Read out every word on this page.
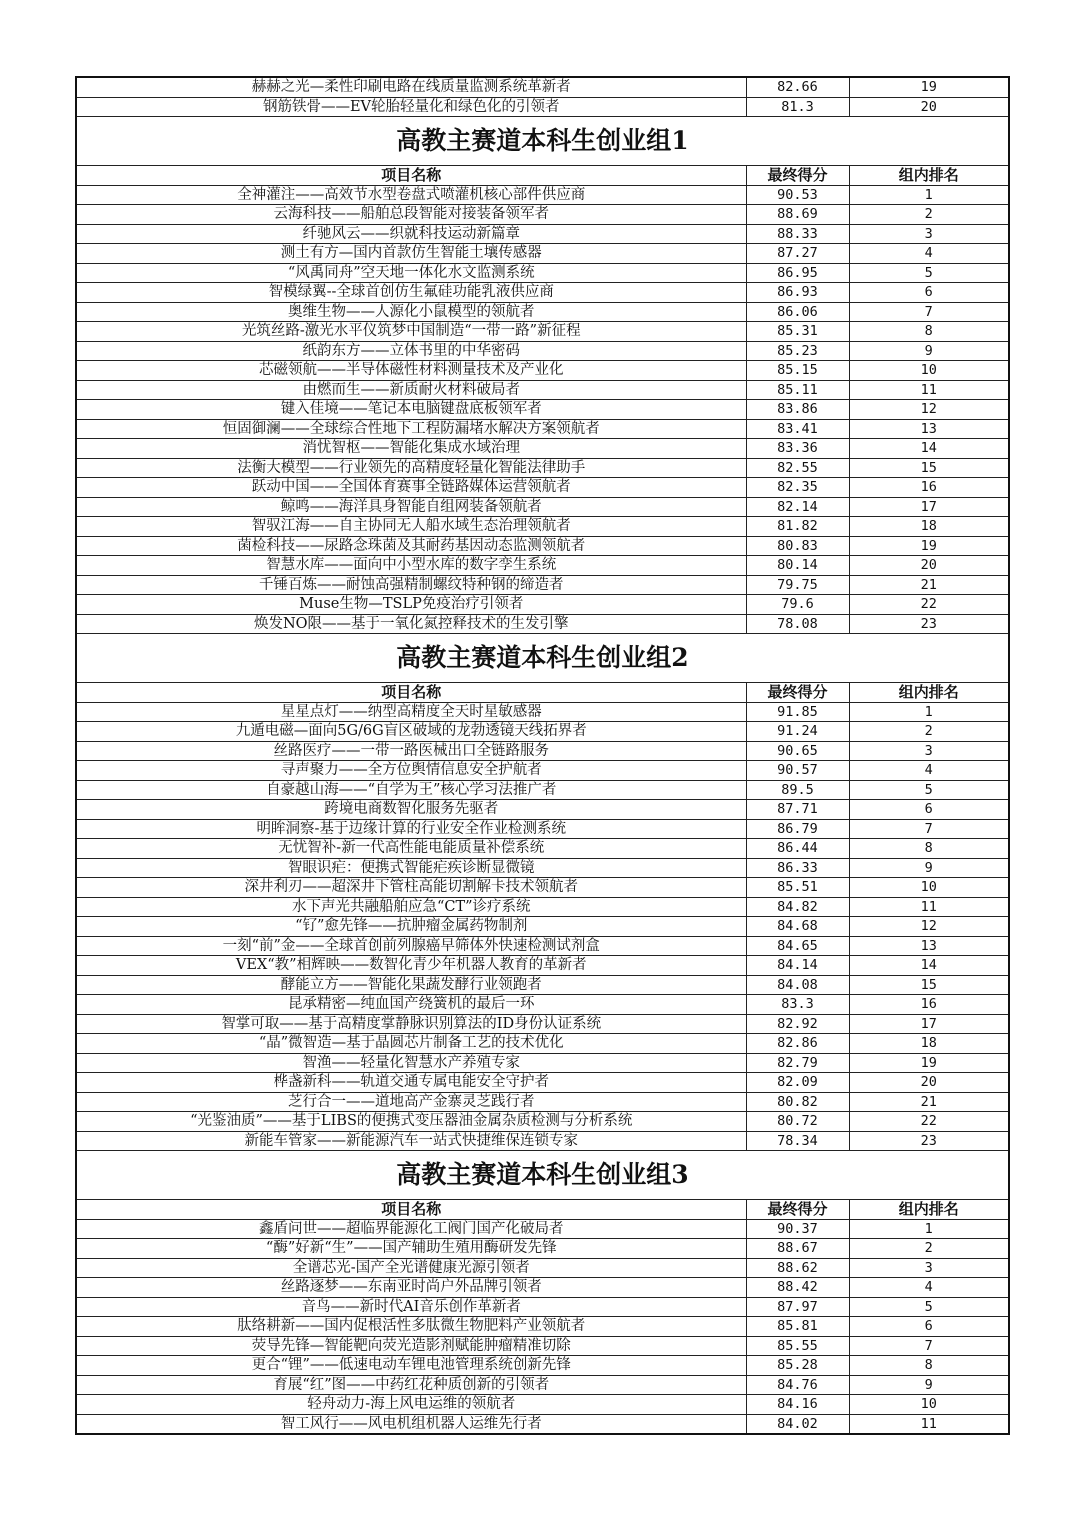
赫赫之光—柔性印刷电路在线质量监测系统革新者	82.66	19
钢筋铁骨——EV轮胎轻量化和绿色化的引领者	81.3	20
高教主赛道本科生创业组1		
项目名称	最终得分	组内排名
全神灌注——高效节水型卷盘式喷灌机核心部件供应商	90.53	1
云海科技——船舶总段智能对接装备领军者	88.69	2
纤驰风云——织就科技运动新篇章	88.33	3
测土有方—国内首款仿生智能土壤传感器	87.27	4
“风禹同舟”空天地一体化水文监测系统	86.95	5
智模绿翼--全球首创仿生氟硅功能乳液供应商	86.93	6
奥维生物——人源化小鼠模型的领航者	86.06	7
光筑丝路-激光水平仪筑梦中国制造“一带一路”新征程	85.31	8
纸韵东方——立体书里的中华密码	85.23	9
芯磁领航——半导体磁性材料测量技术及产业化	85.15	10
由燃而生——新质耐火材料破局者	85.11	11
键入佳境——笔记本电脑键盘底板领军者	83.86	12
恒固御澜——全球综合性地下工程防漏堵水解决方案领航者	83.41	13
消忧智枢——智能化集成水域治理	83.36	14
法衡大模型——行业领先的高精度轻量化智能法律助手	82.55	15
跃动中国——全国体育赛事全链路媒体运营领航者	82.35	16
鲸鸣——海洋具身智能自组网装备领航者	82.14	17
智驭江海——自主协同无人船水域生态治理领航者	81.82	18
菌检科技——尿路念珠菌及其耐药基因动态监测领航者	80.83	19
智慧水库——面向中小型水库的数字孪生系统	80.14	20
千锤百炼——耐蚀高强精制螺纹特种钢的缔造者	79.75	21
Muse生物—TSLP免疫治疗引领者	79.6	22
焕发NO限——基于一氧化氮控释技术的生发引擎	78.08	23
高教主赛道本科生创业组2		
项目名称	最终得分	组内排名
星星点灯——纳型高精度全天时星敏感器	91.85	1
九遁电磁—面向5G/6G盲区破域的龙勃透镜天线拓界者	91.24	2
丝路医疗——一带一路医械出口全链路服务	90.65	3
寻声聚力——全方位舆情信息安全护航者	90.57	4
自豪越山海——“自学为王”核心学习法推广者	89.5	5
跨境电商数智化服务先驱者	87.71	6
明眸洞察-基于边缘计算的行业安全作业检测系统	86.79	7
无忧智补-新一代高性能电能质量补偿系统	86.44	8
智眼识疟：便携式智能疟疾诊断显微镜	86.33	9
深井利刃——超深井下管柱高能切割解卡技术领航者	85.51	10
水下声光共融船舶应急“CT”诊疗系统	84.82	11
“钌”愈先锋——抗肿瘤金属药物制剂	84.68	12
一刻“前”金——全球首创前列腺癌早筛体外快速检测试剂盒	84.65	13
VEX“教”相辉映——数智化青少年机器人教育的革新者	84.14	14
酵能立方——智能化果蔬发酵行业领跑者	84.08	15
昆承精密—纯血国产绕簧机的最后一环	83.3	16
智掌可取——基于高精度掌静脉识别算法的ID身份认证系统	82.92	17
“晶”微智造—基于晶圆芯片制备工艺的技术优化	82.86	18
智渔——轻量化智慧水产养殖专家	82.79	19
桦盏新科——轨道交通专属电能安全守护者	82.09	20
芝行合一——道地高产金寨灵芝践行者	80.82	21
“光鉴油质”——基于LIBS的便携式变压器油金属杂质检测与分析系统	80.72	22
新能车管家——新能源汽车一站式快捷维保连锁专家	78.34	23
高教主赛道本科生创业组3		
项目名称	最终得分	组内排名
鑫盾问世——超临界能源化工阀门国产化破局者	90.37	1
“酶”好新“生”——国产辅助生殖用酶研发先锋	88.67	2
全谱芯光-国产全光谱健康光源引领者	88.62	3
丝路逐梦——东南亚时尚户外品牌引领者	88.42	4
音鸟——新时代AI音乐创作革新者	87.97	5
肽络耕新——国内促根活性多肽微生物肥料产业领航者	85.81	6
荧导先锋—智能靶向荧光造影剂赋能肿瘤精准切除	85.55	7
更合“锂”——低速电动车锂电池管理系统创新先锋	85.28	8
育展“红”图——中药红花种质创新的引领者	84.76	9
轻舟动力-海上风电运维的领航者	84.16	10
智工风行——风电机组机器人运维先行者	84.02	11
